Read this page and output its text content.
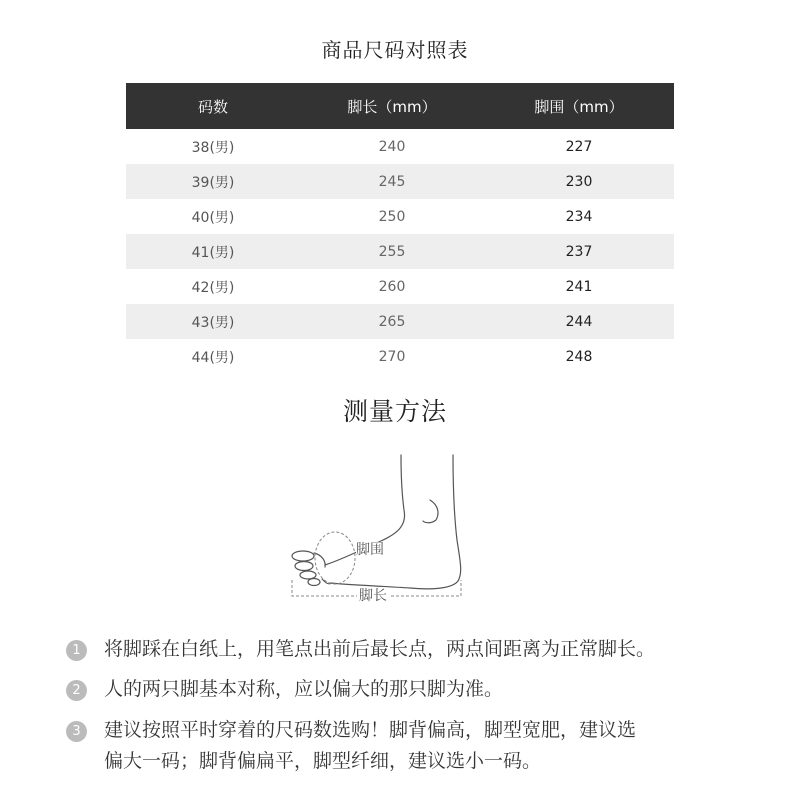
商品尺码对照表
码数	脚长（mm）	脚围（mm）
38(男)	240	227
39(男)	245	230
40(男)	250	234
41(男)	255	237
42(男)	260	241
43(男)	265	244
44(男)	270	248
测量方法
脚围
脚长
1	将脚踩在白纸上，用笔点出前后最长点，两点间距离为正常脚长。
2	人的两只脚基本对称，应以偏大的那只脚为准。
3	建议按照平时穿着的尺码数选购！脚背偏高，脚型宽肥，建议选
偏大一码；脚背偏扁平，脚型纤细，建议选小一码。
